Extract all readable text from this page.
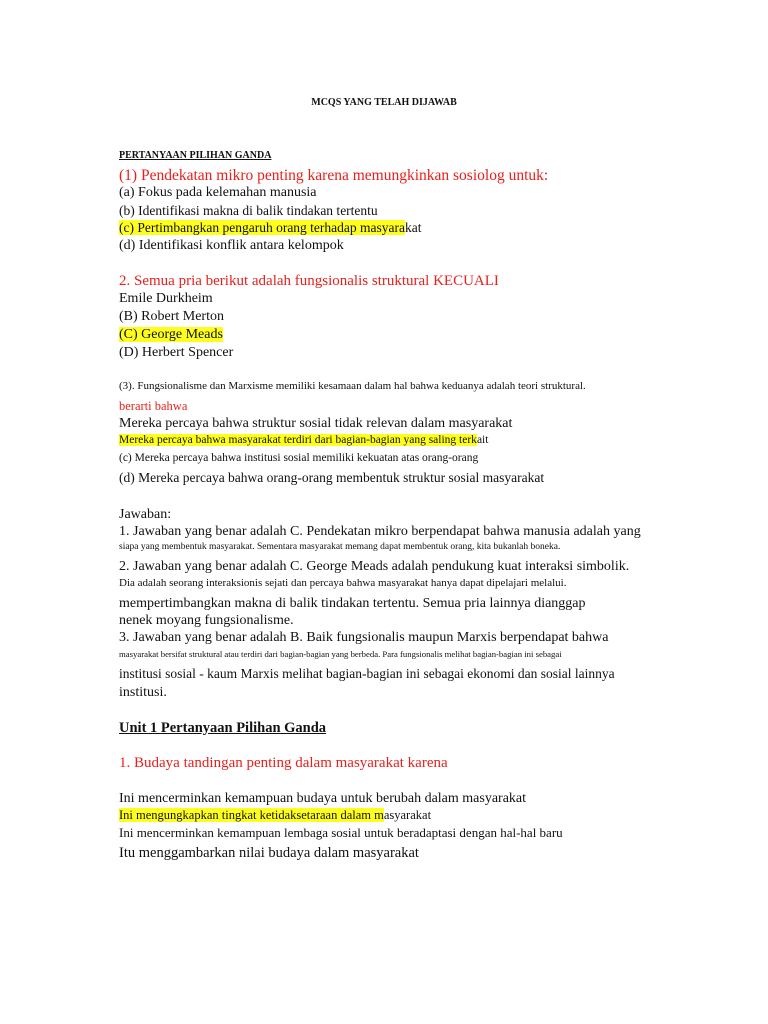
MCQS YANG TELAH DIJAWAB
PERTANYAAN PILIHAN GANDA
(1) Pendekatan mikro penting karena memungkinkan sosiolog untuk:
(a) Fokus pada kelemahan manusia
(b) Identifikasi makna di balik tindakan tertentu
(c) Pertimbangkan pengaruh orang terhadap masyarakat
(d) Identifikasi konflik antara kelompok
2. Semua pria berikut adalah fungsionalis struktural KECUALI
Emile Durkheim
(B) Robert Merton
(C) George Meads
(D) Herbert Spencer
(3). Fungsionalisme dan Marxisme memiliki kesamaan dalam hal bahwa keduanya adalah teori struktural.
berarti bahwa
Mereka percaya bahwa struktur sosial tidak relevan dalam masyarakat
Mereka percaya bahwa masyarakat terdiri dari bagian-bagian yang saling terkait
(c) Mereka percaya bahwa institusi sosial memiliki kekuatan atas orang-orang
(d) Mereka percaya bahwa orang-orang membentuk struktur sosial masyarakat
Jawaban:
1. Jawaban yang benar adalah C. Pendekatan mikro berpendapat bahwa manusia adalah yang
siapa yang membentuk masyarakat. Sementara masyarakat memang dapat membentuk orang, kita bukanlah boneka.
2. Jawaban yang benar adalah C. George Meads adalah pendukung kuat interaksi simbolik.
Dia adalah seorang interaksionis sejati dan percaya bahwa masyarakat hanya dapat dipelajari melalui.
mempertimbangkan makna di balik tindakan tertentu. Semua pria lainnya dianggap
nenek moyang fungsionalisme.
3. Jawaban yang benar adalah B. Baik fungsionalis maupun Marxis berpendapat bahwa
masyarakat bersifat struktural atau terdiri dari bagian-bagian yang berbeda. Para fungsionalis melihat bagian-bagian ini sebagai
institusi sosial - kaum Marxis melihat bagian-bagian ini sebagai ekonomi dan sosial lainnya
institusi.
Unit 1 Pertanyaan Pilihan Ganda
1. Budaya tandingan penting dalam masyarakat karena
Ini mencerminkan kemampuan budaya untuk berubah dalam masyarakat
Ini mengungkapkan tingkat ketidaksetaraan dalam masyarakat
Ini mencerminkan kemampuan lembaga sosial untuk beradaptasi dengan hal-hal baru
Itu menggambarkan nilai budaya dalam masyarakat
